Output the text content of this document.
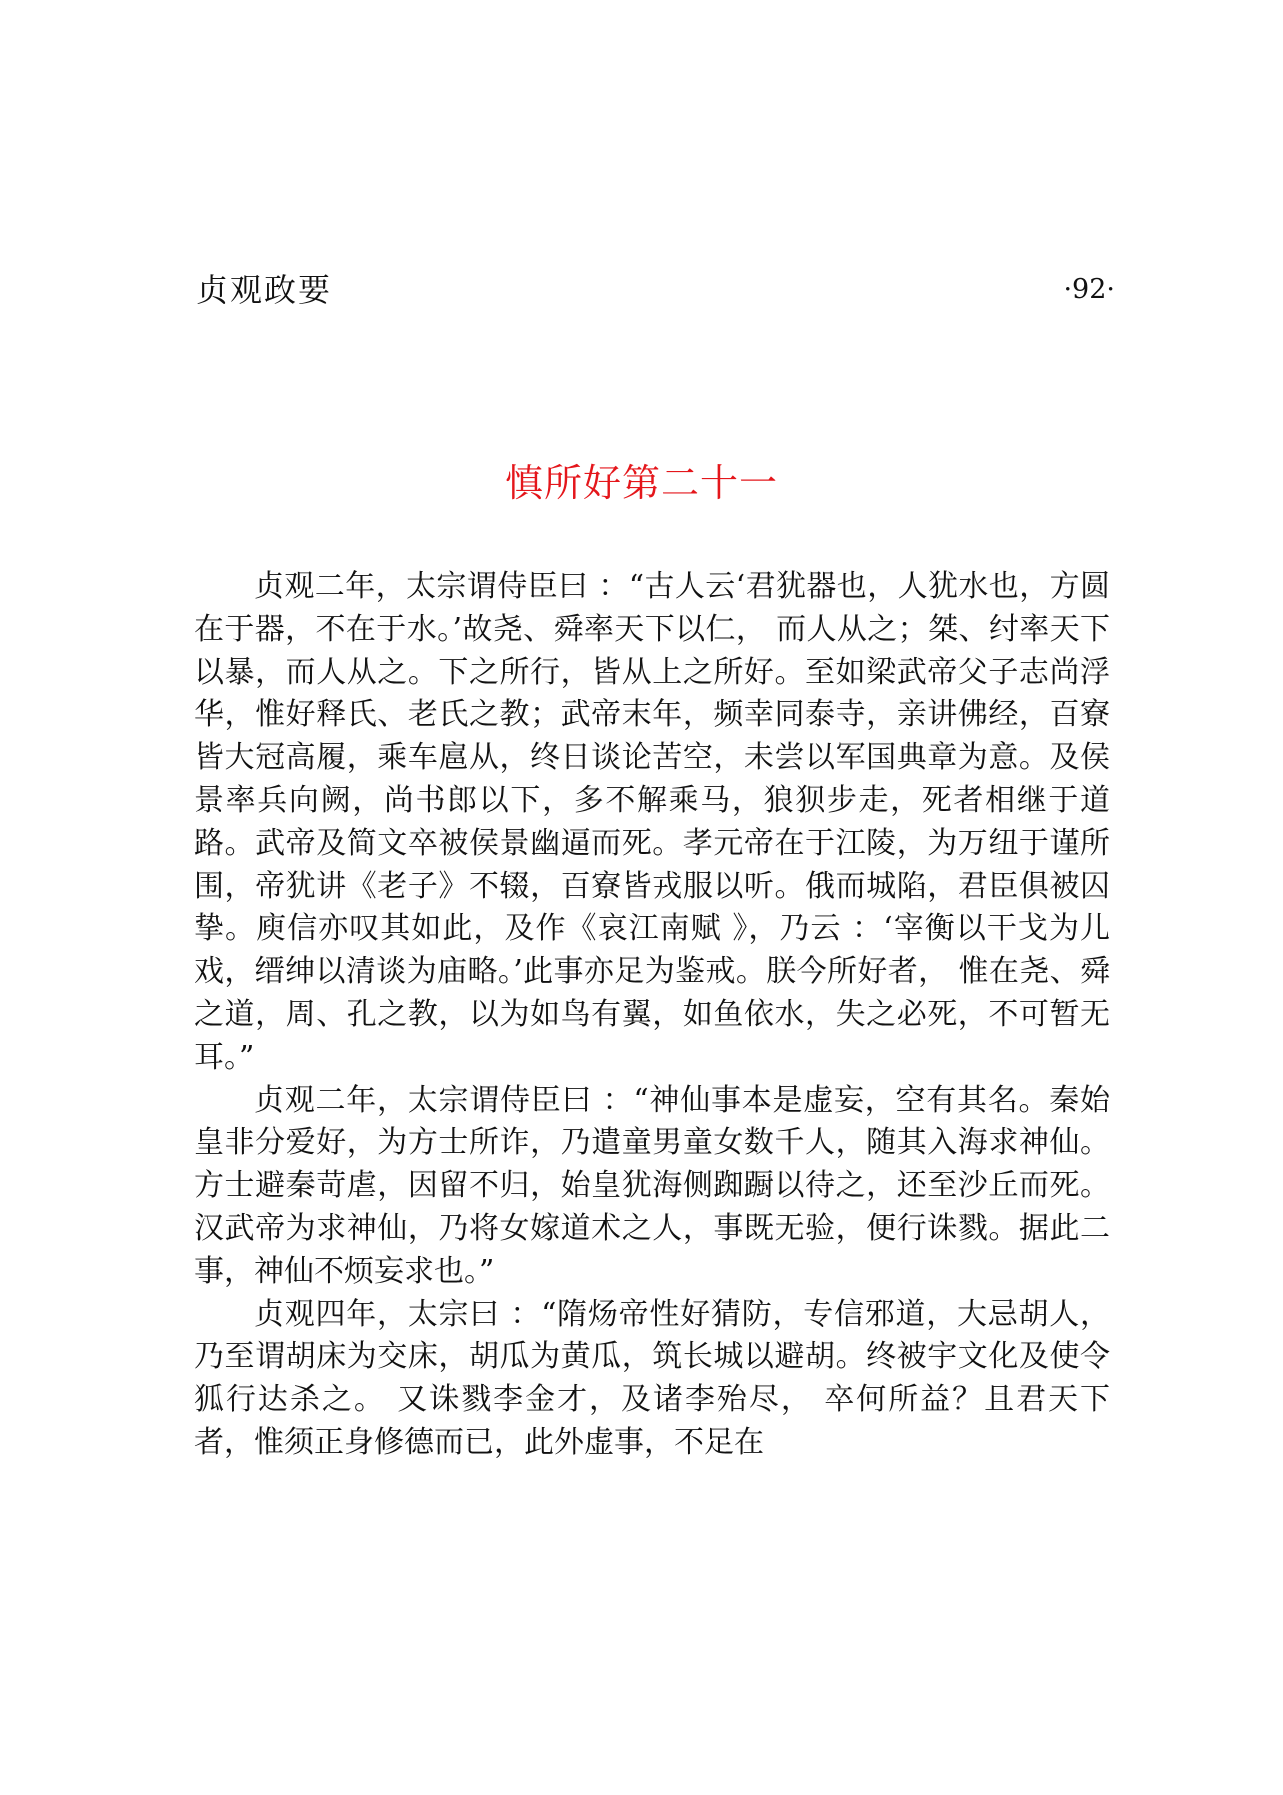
贞观政要	·92·
慎所好第二十一

贞观二年，太宗谓侍臣曰 ：“古人云‘君犹器也，人犹水也，方圆在于器，不在于水。’故尧、舜率天下以仁， 而人从之；桀、纣率天下以暴，而人从之。下之所行，皆从上之所好。至如梁武帝父子志尚浮华，惟好释氏、老氏之教；武帝末年，频幸同泰寺，亲讲佛经，百寮皆大冠高履，乘车扈从，终日谈论苦空，未尝以军国典章为意。及侯景率兵向阙，尚书郎以下，多不解乘马，狼狈步走，死者相继于道路。武帝及简文卒被侯景幽逼而死。孝元帝在于江陵，为万纽于谨所围，帝犹讲《老子》不辍，百寮皆戎服以听。俄而城陷，君臣俱被囚挚。庾信亦叹其如此，及作《哀江南赋 》，乃云 ：‘宰衡以干戈为儿戏，缙绅以清谈为庙略。’此事亦足为鉴戒。朕今所好者， 惟在尧、舜之道，周、孔之教，以为如鸟有翼，如鱼依水，失之必死，不可暂无耳。”

贞观二年，太宗谓侍臣曰 ：“神仙事本是虚妄，空有其名。秦始皇非分爱好，为方士所诈，乃遣童男童女数千人，随其入海求神仙。方士避秦苛虐，因留不归，始皇犹海侧踟蹰以待之，还至沙丘而死。汉武帝为求神仙，乃将女嫁道术之人，事既无验，便行诛戮。据此二事，神仙不烦妄求也。”

贞观四年，太宗曰 ：“隋炀帝性好猜防，专信邪道，大忌胡人，乃至谓胡床为交床，胡瓜为黄瓜，筑长城以避胡。终被宇文化及使令狐行达杀之。 又诛戮李金才，及诸李殆尽， 卒何所益？且君天下者，惟须正身修德而已，此外虚事，不足在
